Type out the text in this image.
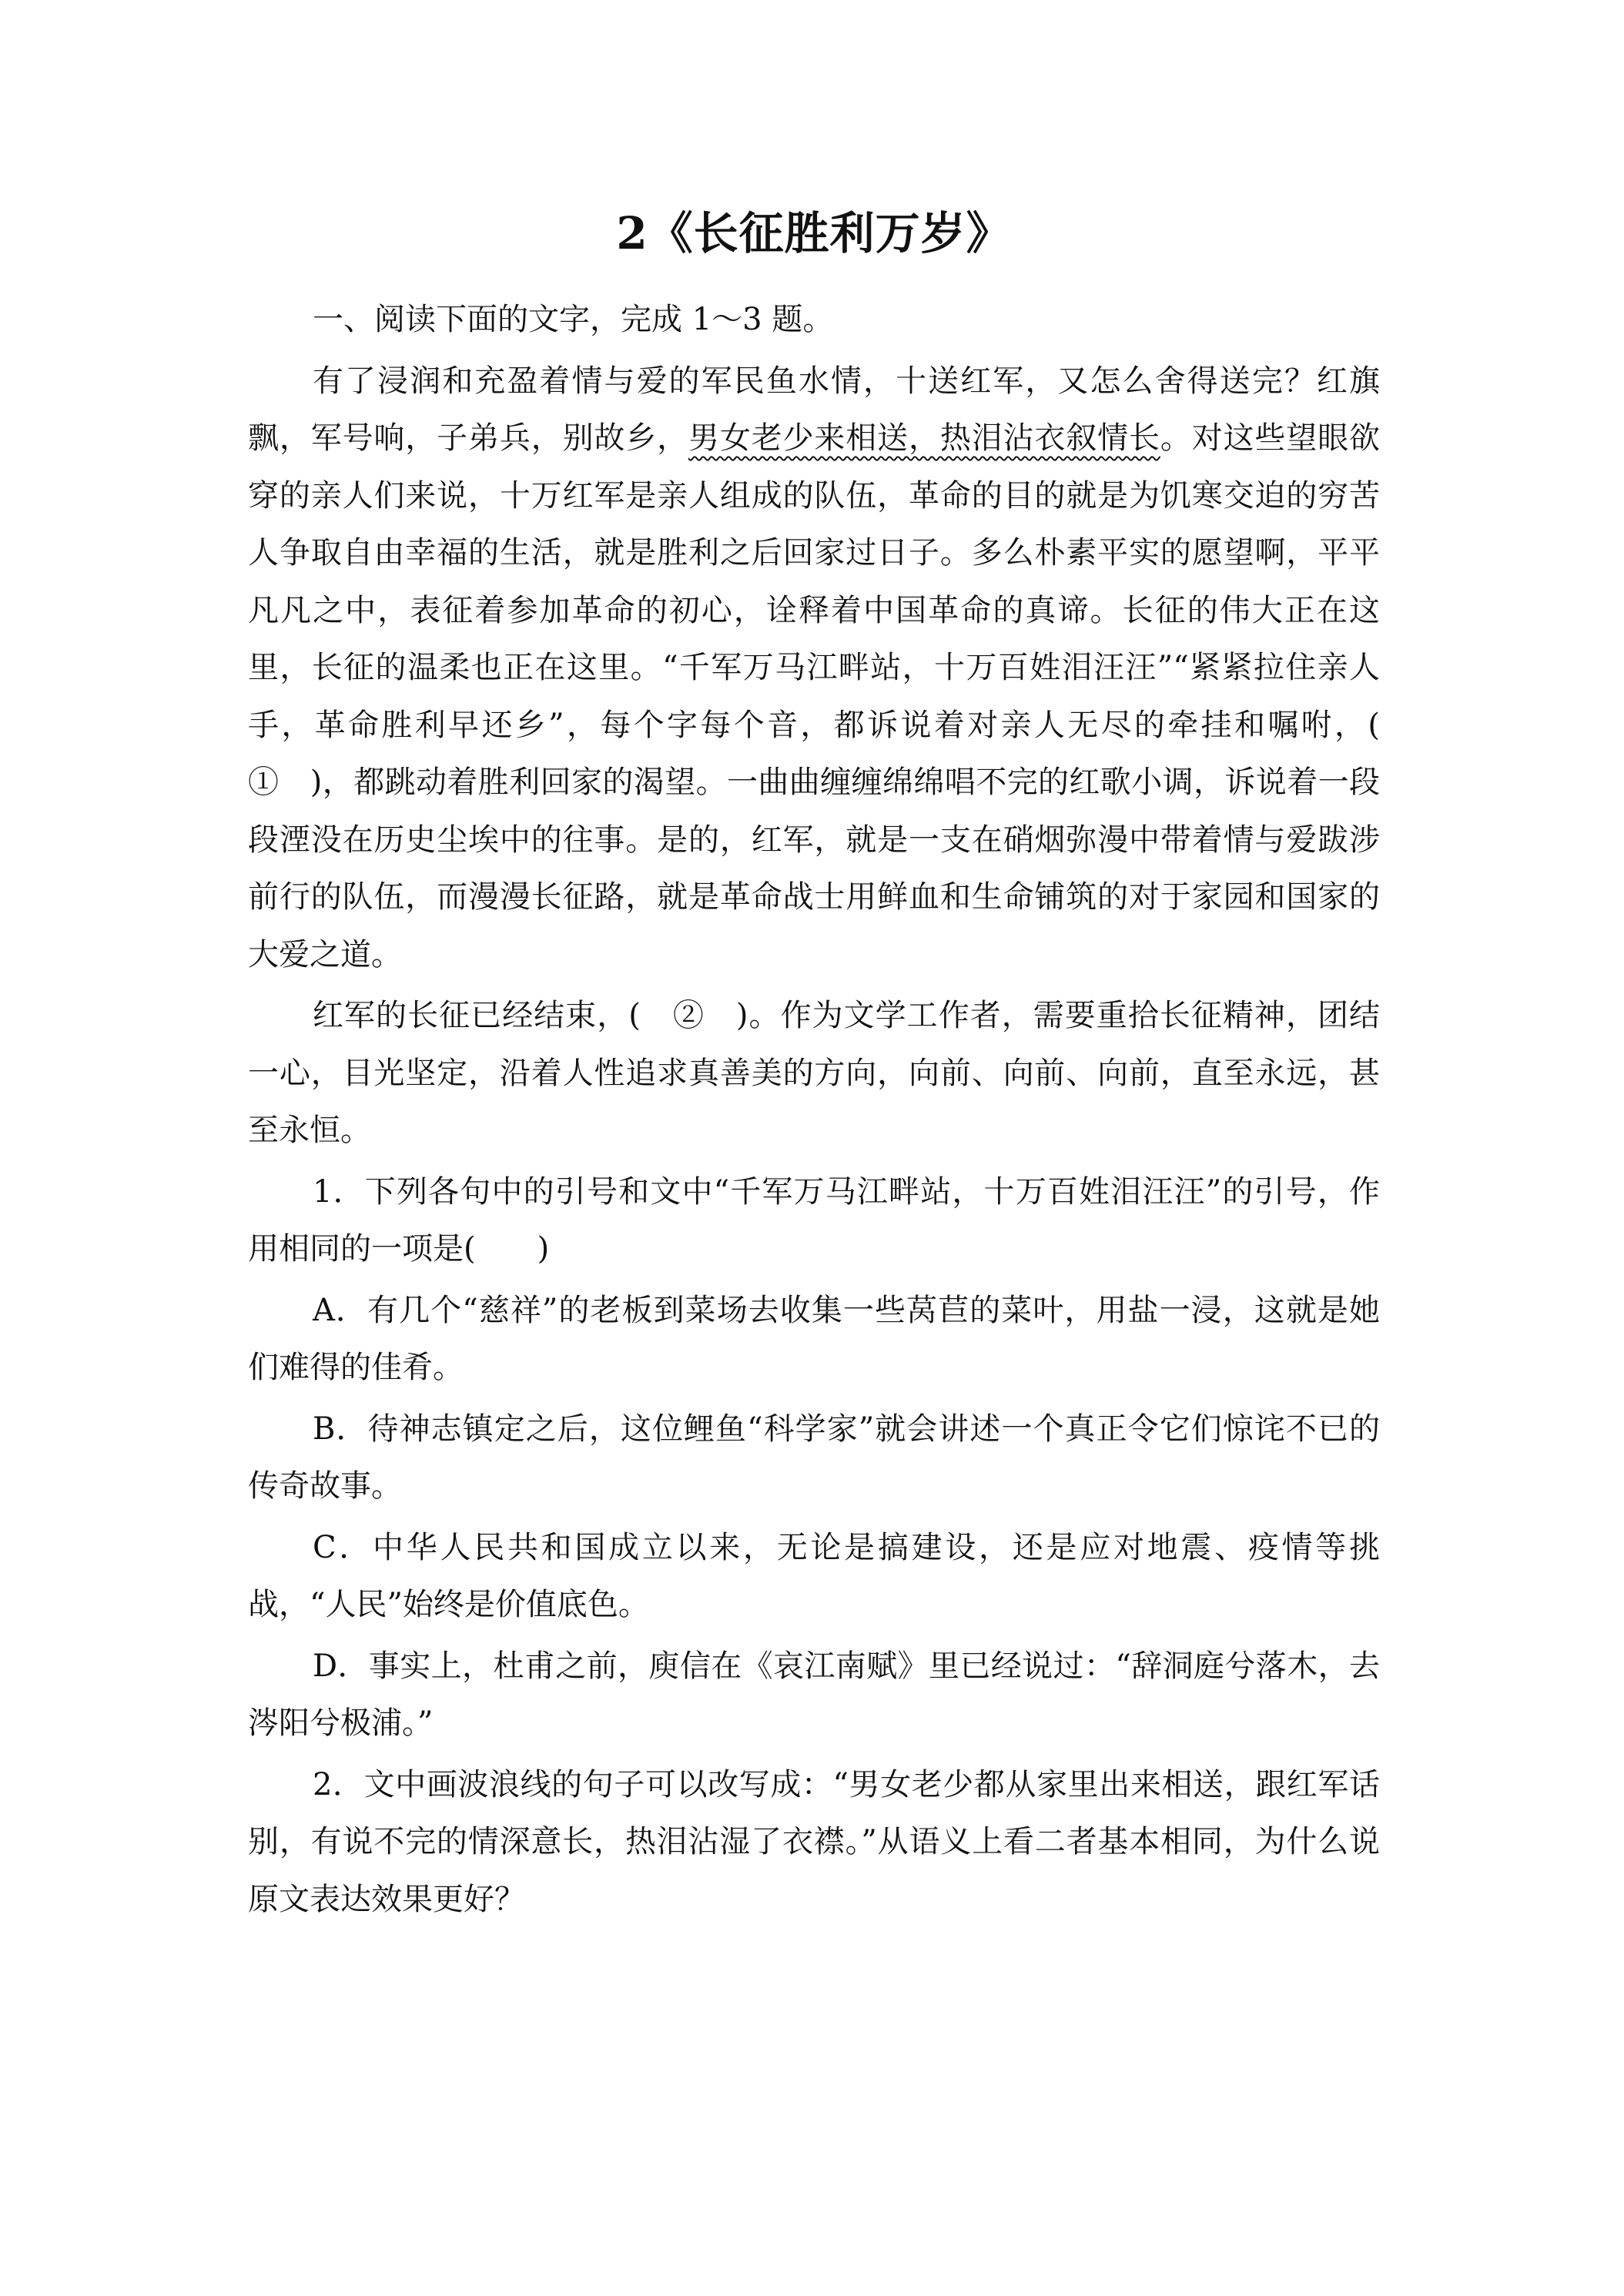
2《长征胜利万岁》

一、阅读下面的文字，完成 1～3 题。

有了浸润和充盈着情与爱的军民鱼水情，十送红军，又怎么舍得送完？红旗飘，军号响，子弟兵，别故乡，男女老少来相送，热泪沾衣叙情长。对这些望眼欲穿的亲人们来说，十万红军是亲人组成的队伍，革命的目的就是为饥寒交迫的穷苦人争取自由幸福的生活，就是胜利之后回家过日子。多么朴素平实的愿望啊，平平凡凡之中，表征着参加革命的初心，诠释着中国革命的真谛。长征的伟大正在这里，长征的温柔也正在这里。“千军万马江畔站，十万百姓泪汪汪”“紧紧拉住亲人手，革命胜利早还乡”，每个字每个音，都诉说着对亲人无尽的牵挂和嘱咐，(　①　)，都跳动着胜利回家的渴望。一曲曲缠缠绵绵唱不完的红歌小调，诉说着一段段湮没在历史尘埃中的往事。是的，红军，就是一支在硝烟弥漫中带着情与爱跋涉前行的队伍，而漫漫长征路，就是革命战士用鲜血和生命铺筑的对于家园和国家的大爱之道。

红军的长征已经结束，(　②　)。作为文学工作者，需要重拾长征精神，团结一心，目光坚定，沿着人性追求真善美的方向，向前、向前、向前，直至永远，甚至永恒。

1．下列各句中的引号和文中“千军万马江畔站，十万百姓泪汪汪”的引号，作用相同的一项是(　　)

A．有几个“慈祥”的老板到菜场去收集一些莴苣的菜叶，用盐一浸，这就是她们难得的佳肴。

B．待神志镇定之后，这位鲤鱼“科学家”就会讲述一个真正令它们惊诧不已的传奇故事。

C．中华人民共和国成立以来，无论是搞建设，还是应对地震、疫情等挑战，“人民”始终是价值底色。

D．事实上，杜甫之前，庾信在《哀江南赋》里已经说过：“辞洞庭兮落木，去涔阳兮极浦。”

2．文中画波浪线的句子可以改写成：“男女老少都从家里出来相送，跟红军话别，有说不完的情深意长，热泪沾湿了衣襟。”从语义上看二者基本相同，为什么说原文表达效果更好？
